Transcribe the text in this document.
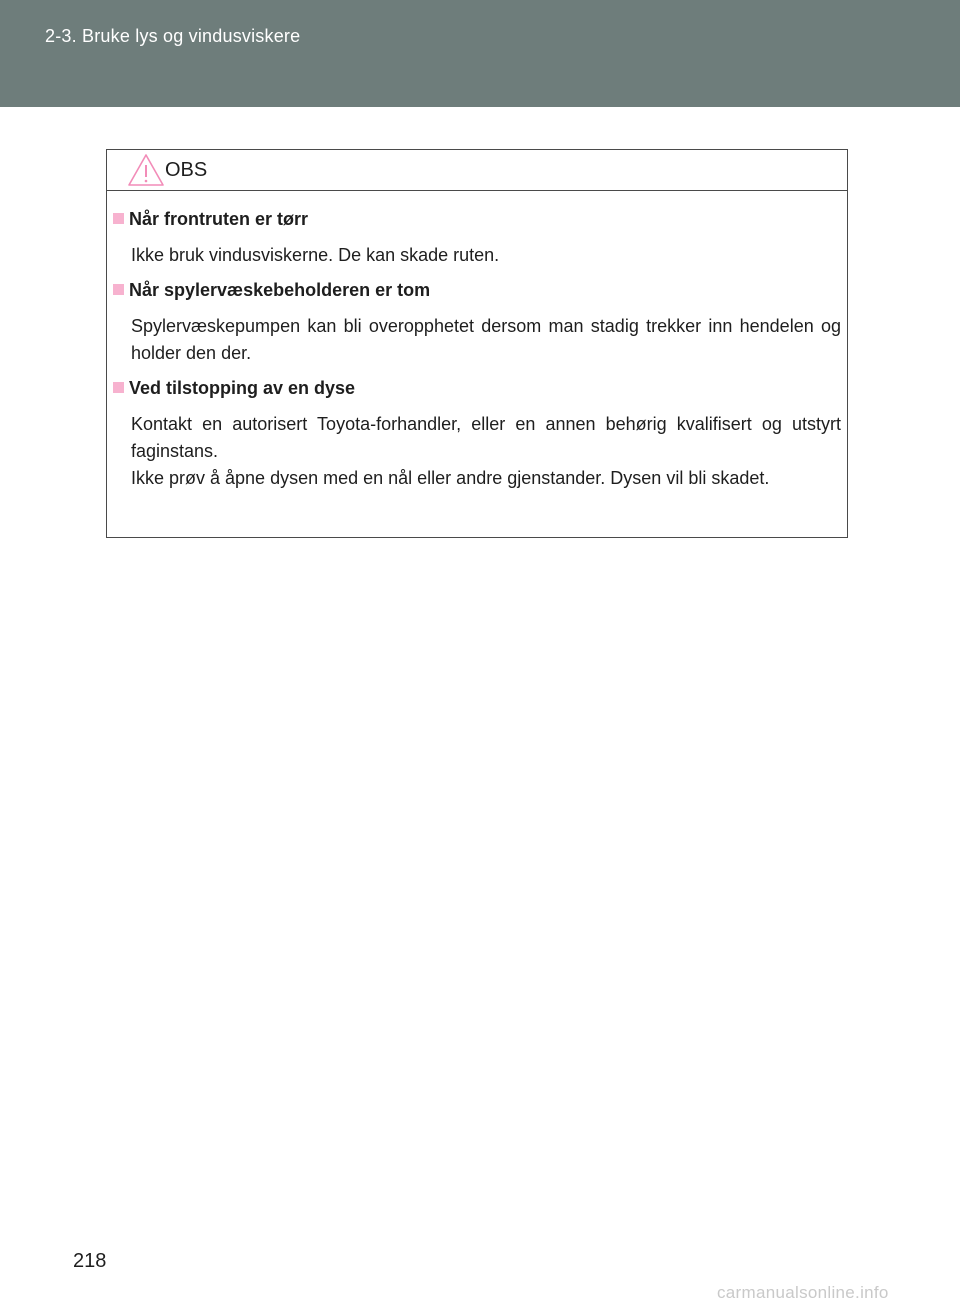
2-3. Bruke lys og vindusviskere
OBS
Når frontruten er tørr
Ikke bruk vindusviskerne. De kan skade ruten.
Når spylervæskebeholderen er tom
Spylervæskepumpen kan bli overopphetet dersom man stadig trekker inn hendelen og holder den der.
Ved tilstopping av en dyse
Kontakt en autorisert Toyota-forhandler, eller en annen behørig kvalifisert og utstyrt faginstans.
Ikke prøv å åpne dysen med en nål eller andre gjenstander. Dysen vil bli skadet.
218
carmanualsonline.info
